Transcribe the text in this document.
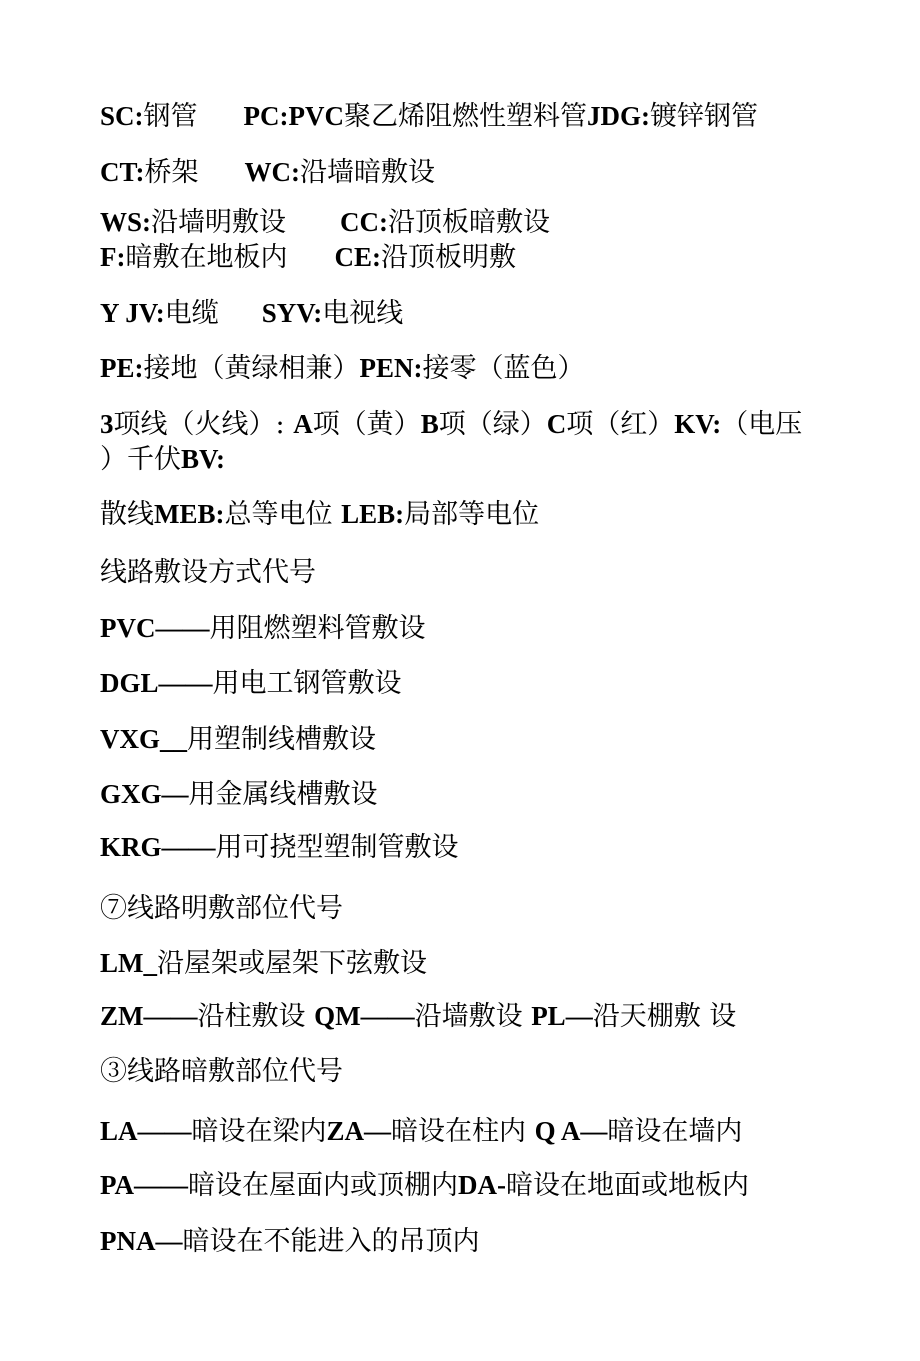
SC:钢管 PC:PVC聚乙烯阻燃性塑料管JDG:镀锌钢管

CT:桥架 WC:沿墙暗敷设

WS:沿墙明敷设 CC:沿顶板暗敷设

F:暗敷在地板内 CE:沿顶板明敷

Y JV:电缆 SYV:电视线

PE:接地（黄绿相兼）PEN:接零（蓝色）

3项线（火线）: A项（黄）B项（绿）C项（红）KV:（电压

）千伏BV:

散线MEB:总等电位 LEB:局部等电位

线路敷设方式代号

PVC——用阻燃塑料管敷设

DGL——用电工钢管敷设

VXG__用塑制线槽敷设

GXG—用金属线槽敷设

KRG——用可挠型塑制管敷设

⑦线路明敷部位代号

LM_沿屋架或屋架下弦敷设

ZM——沿柱敷设 QM——沿墙敷设 PL—沿天棚敷 设

③线路暗敷部位代号

LA——暗设在梁内ZA—暗设在柱内 Q A—暗设在墙内

PA——暗设在屋面内或顶棚内DA-暗设在地面或地板内

PNA—暗设在不能进入的吊顶内
